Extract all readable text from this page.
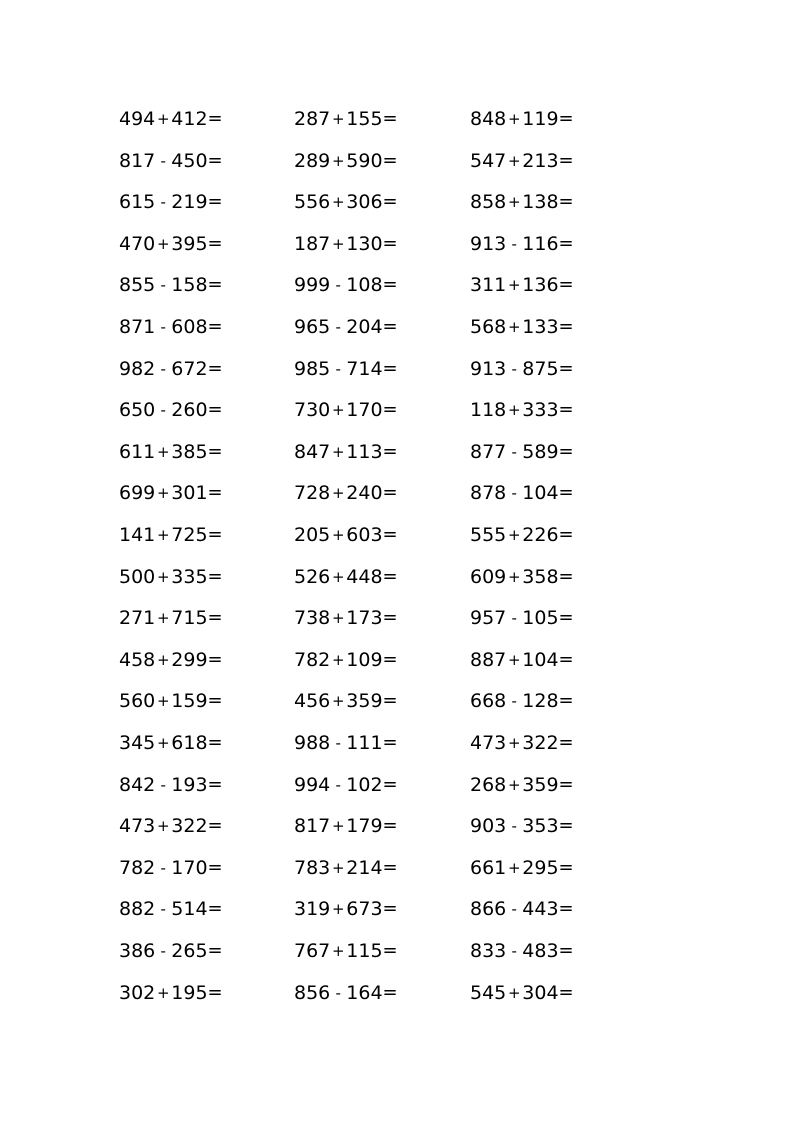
494 + 412 =
817 - 450 =
615 - 219 =
470 + 395 =
855 - 158 =
871 - 608 =
982 - 672 =
650 - 260 =
611 + 385 =
699 + 301 =
141 + 725 =
500 + 335 =
271 + 715 =
458 + 299 =
560 + 159 =
345 + 618 =
842 - 193 =
473 + 322 =
782 - 170 =
882 - 514 =
386 - 265 =
302 + 195 =
287 + 155 =
289 + 590 =
556 + 306 =
187 + 130 =
999 - 108 =
965 - 204 =
985 - 714 =
730 + 170 =
847 + 113 =
728 + 240 =
205 + 603 =
526 + 448 =
738 + 173 =
782 + 109 =
456 + 359 =
988 - 111 =
994 - 102 =
817 + 179 =
783 + 214 =
319 + 673 =
767 + 115 =
856 - 164 =
848 + 119 =
547 + 213 =
858 + 138 =
913 - 116 =
311 + 136 =
568 + 133 =
913 - 875 =
118 + 333 =
877 - 589 =
878 - 104 =
555 + 226 =
609 + 358 =
957 - 105 =
887 + 104 =
668 - 128 =
473 + 322 =
268 + 359 =
903 - 353 =
661 + 295 =
866 - 443 =
833 - 483 =
545 + 304 =
